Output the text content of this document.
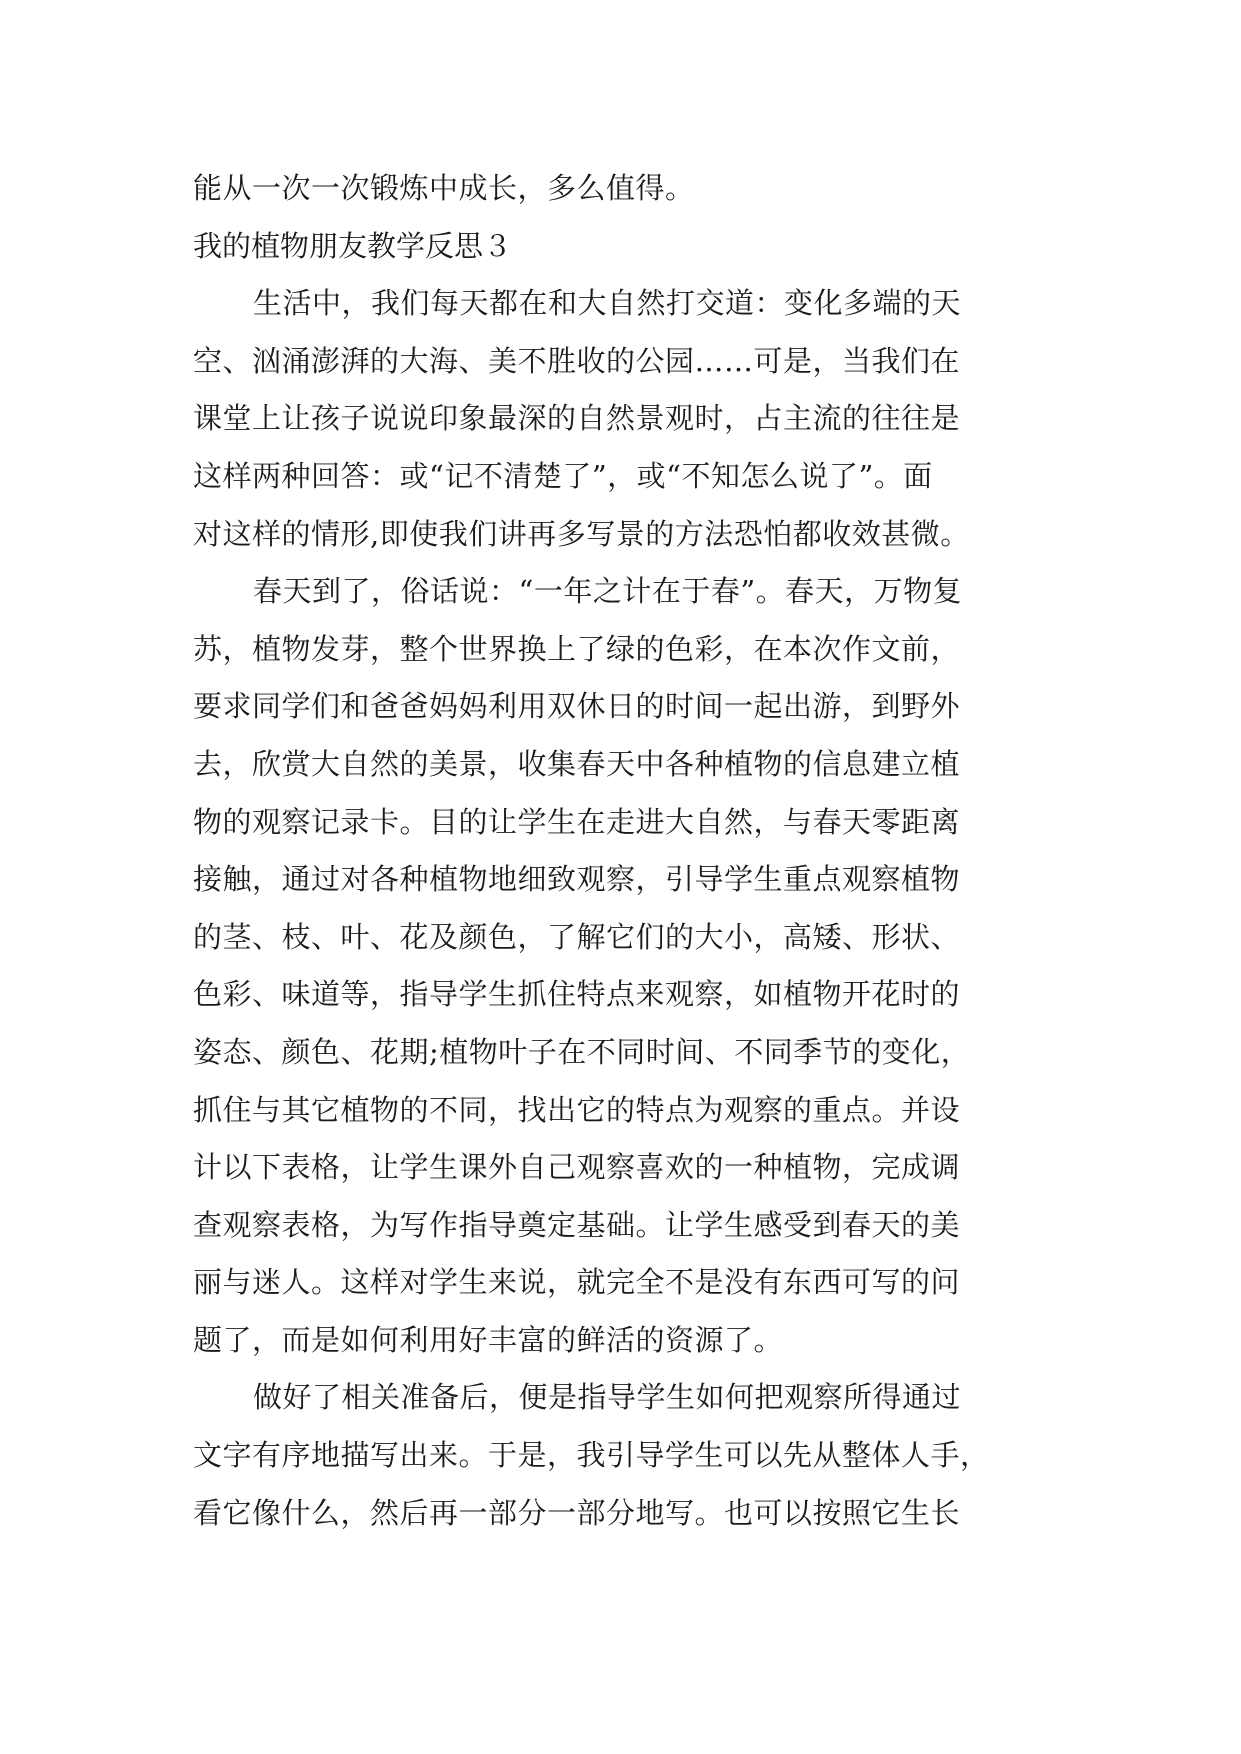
能从一次一次锻炼中成长，多么值得。
我的植物朋友教学反思３
生活中，我们每天都在和大自然打交道：变化多端的天
空、汹涌澎湃的大海、美不胜收的公园……可是，当我们在
课堂上让孩子说说印象最深的自然景观时，占主流的往往是
这样两种回答：或“记不清楚了”，或“不知怎么说了”。面
对这样的情形,即使我们讲再多写景的方法恐怕都收效甚微。
春天到了，俗话说：“一年之计在于春”。春天，万物复
苏，植物发芽，整个世界换上了绿的色彩，在本次作文前，
要求同学们和爸爸妈妈利用双休日的时间一起出游，到野外
去，欣赏大自然的美景，收集春天中各种植物的信息建立植
物的观察记录卡。目的让学生在走进大自然，与春天零距离
接触，通过对各种植物地细致观察，引导学生重点观察植物
的茎、枝、叶、花及颜色，了解它们的大小，高矮、形状、
色彩、味道等，指导学生抓住特点来观察，如植物开花时的
姿态、颜色、花期;植物叶子在不同时间、不同季节的变化，
抓住与其它植物的不同，找出它的特点为观察的重点。并设
计以下表格，让学生课外自己观察喜欢的一种植物，完成调
查观察表格，为写作指导奠定基础。让学生感受到春天的美
丽与迷人。这样对学生来说，就完全不是没有东西可写的问
题了，而是如何利用好丰富的鲜活的资源了。
做好了相关准备后，便是指导学生如何把观察所得通过
文字有序地描写出来。于是，我引导学生可以先从整体人手，
看它像什么，然后再一部分一部分地写。也可以按照它生长
